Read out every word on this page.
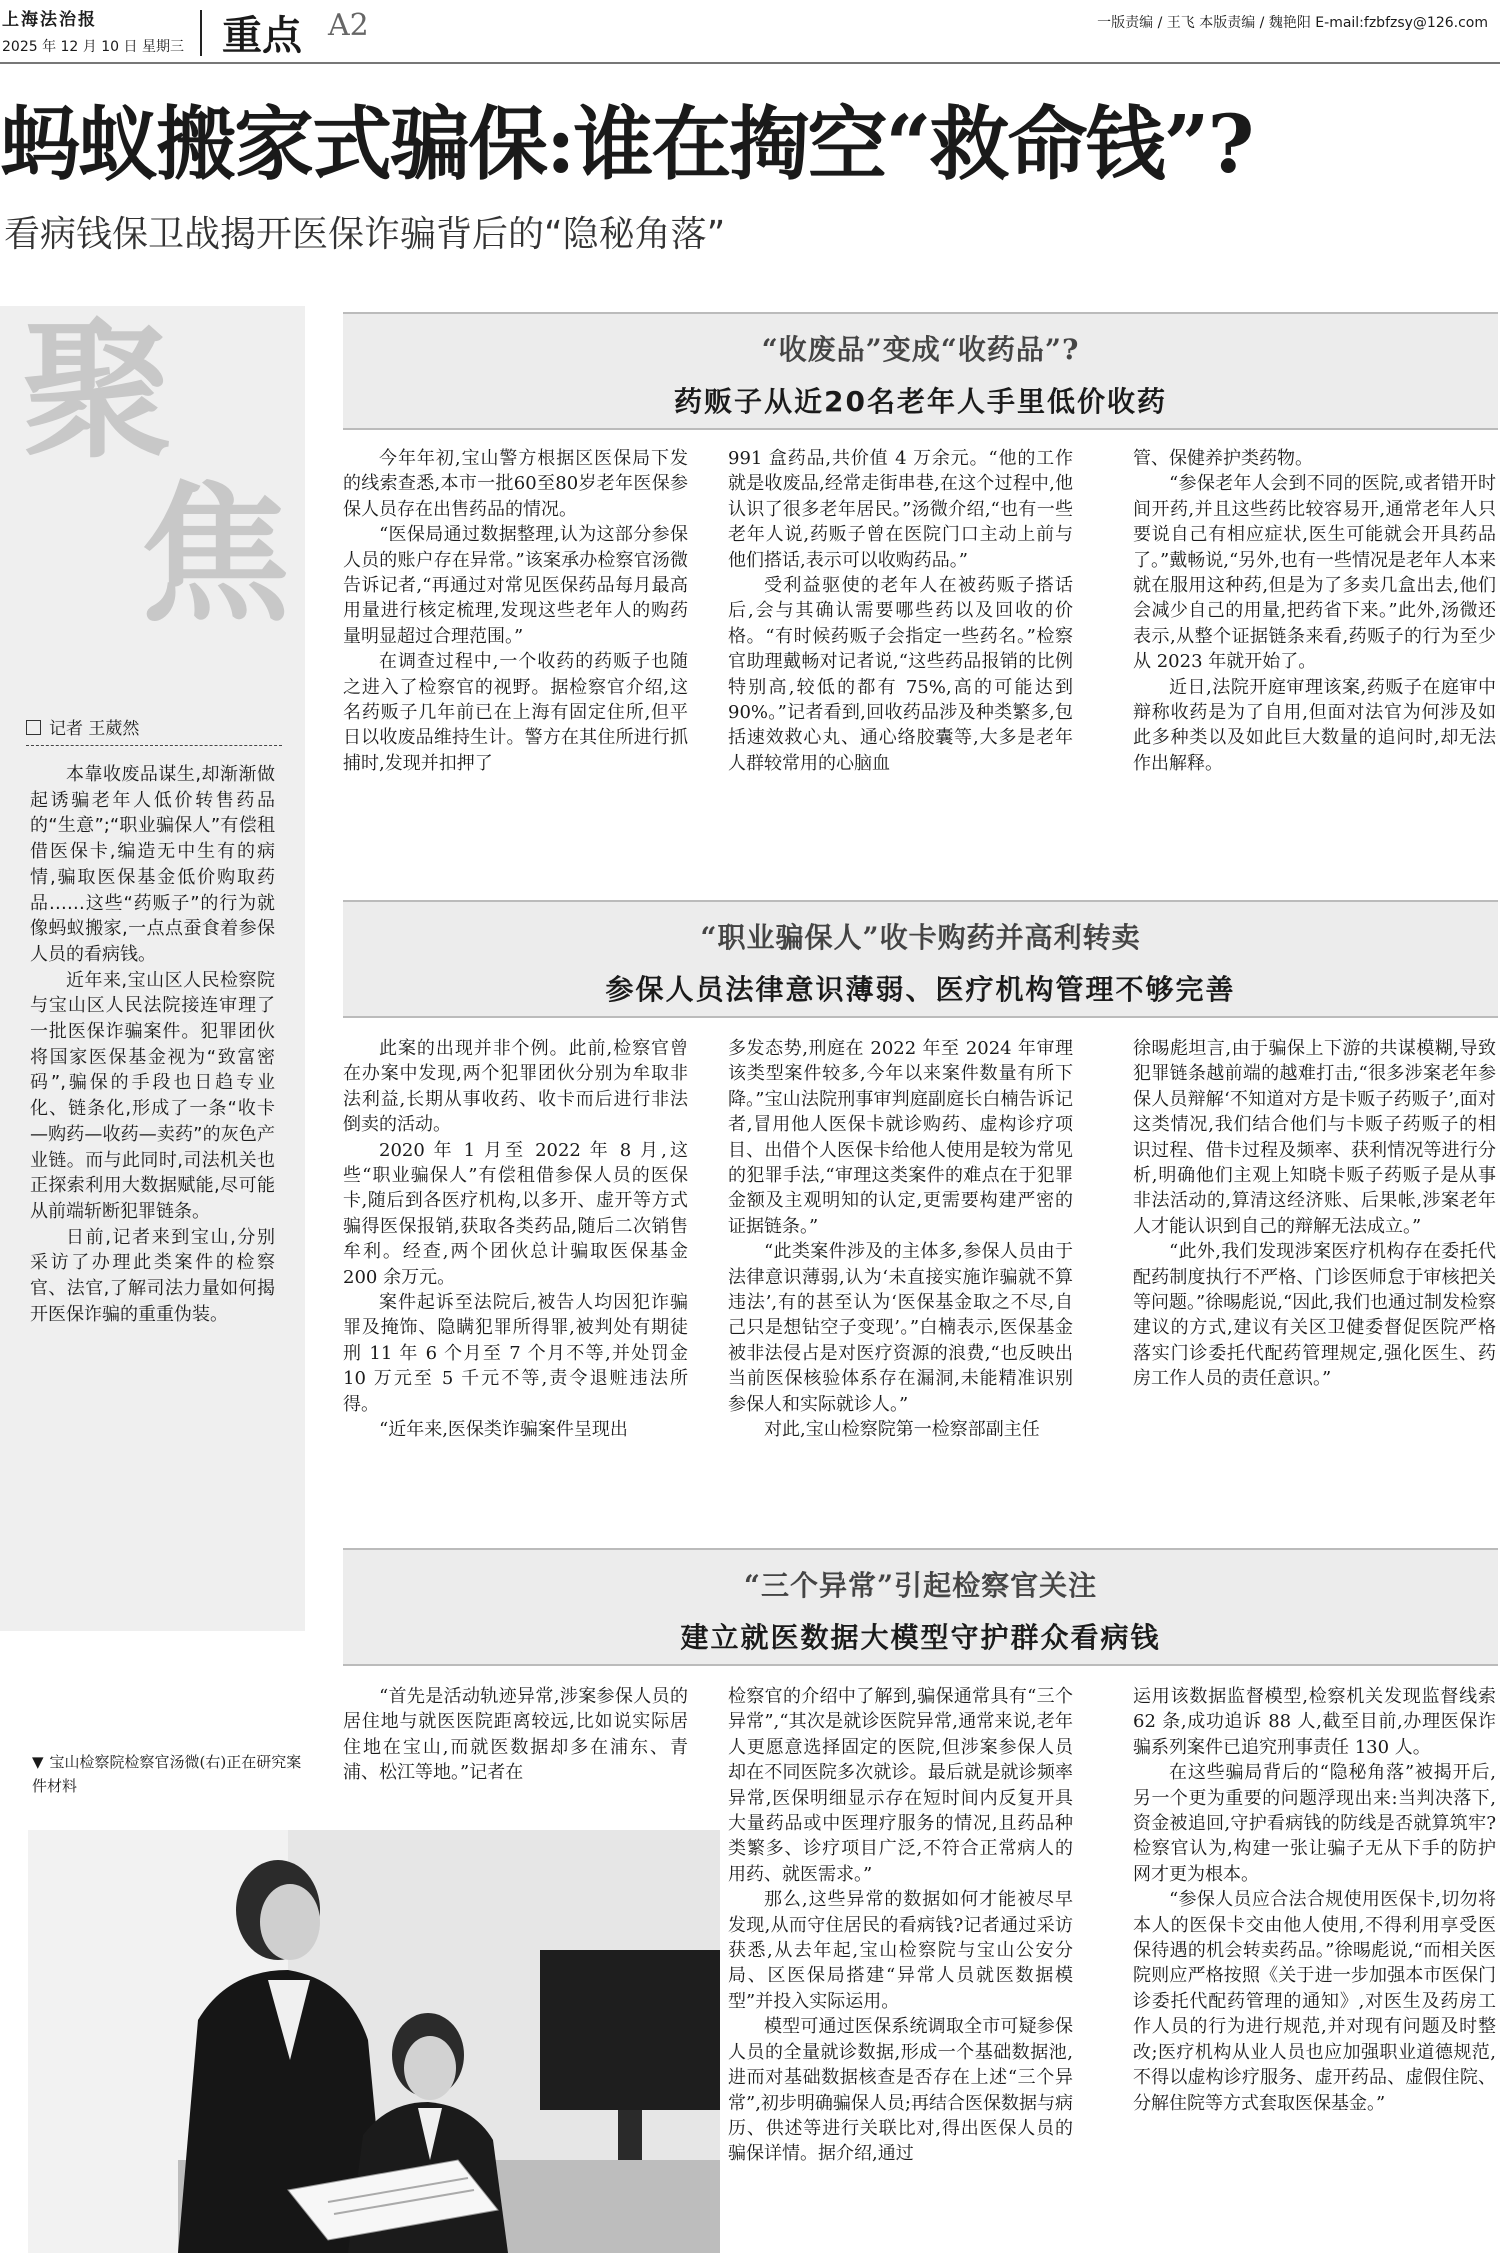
上海法治报
2025 年 12 月 10 日 星期三 重点 A2	一版责编 / 王飞 本版责编 / 魏艳阳 E-mail:fzbfzsy@126.com
蚂蚁搬家式骗保:谁在掏空“救命钱”?
看病钱保卫战揭开医保诈骗背后的“隐秘角落”
聚
焦
记者 王葳然

本靠收废品谋生,却渐渐做起诱骗老年人低价转售药品的“生意”;“职业骗保人”有偿租借医保卡,编造无中生有的病情,骗取医保基金低价购取药品……这些“药贩子”的行为就像蚂蚁搬家,一点点蚕食着参保人员的看病钱。

近年来,宝山区人民检察院与宝山区人民法院接连审理了一批医保诈骗案件。犯罪团伙将国家医保基金视为“致富密码”,骗保的手段也日趋专业化、链条化,形成了一条“收卡—购药—收药—卖药”的灰色产业链。而与此同时,司法机关也正探索利用大数据赋能,尽可能从前端斩断犯罪链条。

日前,记者来到宝山,分别采访了办理此类案件的检察官、法官,了解司法力量如何揭开医保诈骗的重重伪装。

“收废品”变成“收药品”?
药贩子从近20名老年人手里低价收药

今年年初,宝山警方根据区医保局下发的线索查悉,本市一批60至80岁老年医保参保人员存在出售药品的情况。

“医保局通过数据整理,认为这部分参保人员的账户存在异常。”该案承办检察官汤微告诉记者,“再通过对常见医保药品每月最高用量进行核定梳理,发现这些老年人的购药量明显超过合理范围。”

在调查过程中,一个收药的药贩子也随之进入了检察官的视野。据检察官介绍,这名药贩子几年前已在上海有固定住所,但平日以收废品维持生计。警方在其住所进行抓捕时,发现并扣押了

991 盒药品,共价值 4 万余元。“他的工作就是收废品,经常走街串巷,在这个过程中,他认识了很多老年居民。”汤微介绍,“也有一些老年人说,药贩子曾在医院门口主动上前与他们搭话,表示可以收购药品。”

受利益驱使的老年人在被药贩子搭话后,会与其确认需要哪些药以及回收的价格。“有时候药贩子会指定一些药名。”检察官助理戴畅对记者说,“这些药品报销的比例特别高,较低的都有 75%,高的可能达到 90%。”记者看到,回收药品涉及种类繁多,包括速效救心丸、通心络胶囊等,大多是老年人群较常用的心脑血

管、保健养护类药物。

“参保老年人会到不同的医院,或者错开时间开药,并且这些药比较容易开,通常老年人只要说自己有相应症状,医生可能就会开具药品了。”戴畅说,“另外,也有一些情况是老年人本来就在服用这种药,但是为了多卖几盒出去,他们会减少自己的用量,把药省下来。”此外,汤微还表示,从整个证据链条来看,药贩子的行为至少从 2023 年就开始了。

近日,法院开庭审理该案,药贩子在庭审中辩称收药是为了自用,但面对法官为何涉及如此多种类以及如此巨大数量的追问时,却无法作出解释。

“职业骗保人”收卡购药并高利转卖
参保人员法律意识薄弱、医疗机构管理不够完善

此案的出现并非个例。此前,检察官曾在办案中发现,两个犯罪团伙分别为牟取非法利益,长期从事收药、收卡而后进行非法倒卖的活动。

2020 年 1 月至 2022 年 8 月,这些“职业骗保人”有偿租借参保人员的医保卡,随后到各医疗机构,以多开、虚开等方式骗得医保报销,获取各类药品,随后二次销售牟利。经查,两个团伙总计骗取医保基金 200 余万元。

案件起诉至法院后,被告人均因犯诈骗罪及掩饰、隐瞒犯罪所得罪,被判处有期徒刑 11 年 6 个月至 7 个月不等,并处罚金 10 万元至 5 千元不等,责令退赃违法所得。

“近年来,医保类诈骗案件呈现出

多发态势,刑庭在 2022 年至 2024 年审理该类型案件较多,今年以来案件数量有所下降。”宝山法院刑事审判庭副庭长白楠告诉记者,冒用他人医保卡就诊购药、虚构诊疗项目、出借个人医保卡给他人使用是较为常见的犯罪手法,“审理这类案件的难点在于犯罪金额及主观明知的认定,更需要构建严密的证据链条。”

“此类案件涉及的主体多,参保人员由于法律意识薄弱,认为‘未直接实施诈骗就不算违法’,有的甚至认为‘医保基金取之不尽,自己只是想钻空子变现’。”白楠表示,医保基金被非法侵占是对医疗资源的浪费,“也反映出当前医保核验体系存在漏洞,未能精准识别参保人和实际就诊人。”

对此,宝山检察院第一检察部副主任

徐晹彪坦言,由于骗保上下游的共谋模糊,导致犯罪链条越前端的越难打击,“很多涉案老年参保人员辩解‘不知道对方是卡贩子药贩子’,面对这类情况,我们结合他们与卡贩子药贩子的相识过程、借卡过程及频率、获利情况等进行分析,明确他们主观上知晓卡贩子药贩子是从事非法活动的,算清这经济账、后果帐,涉案老年人才能认识到自己的辩解无法成立。”

“此外,我们发现涉案医疗机构存在委托代配药制度执行不严格、门诊医师怠于审核把关等问题。”徐晹彪说,“因此,我们也通过制发检察建议的方式,建议有关区卫健委督促医院严格落实门诊委托代配药管理规定,强化医生、药房工作人员的责任意识。”

“三个异常”引起检察官关注
建立就医数据大模型守护群众看病钱

“首先是活动轨迹异常,涉案参保人员的居住地与就医医院距离较远,比如说实际居住地在宝山,而就医数据却多在浦东、青浦、松江等地。”记者在

检察官的介绍中了解到,骗保通常具有“三个异常”,“其次是就诊医院异常,通常来说,老年人更愿意选择固定的医院,但涉案参保人员却在不同医院多次就诊。最后就是就诊频率异常,医保明细显示存在短时间内反复开具大量药品或中医理疗服务的情况,且药品种类繁多、诊疗项目广泛,不符合正常病人的用药、就医需求。”

那么,这些异常的数据如何才能被尽早发现,从而守住居民的看病钱?记者通过采访获悉,从去年起,宝山检察院与宝山公安分局、区医保局搭建“异常人员就医数据模型”并投入实际运用。

模型可通过医保系统调取全市可疑参保人员的全量就诊数据,形成一个基础数据池,进而对基础数据核查是否存在上述“三个异常”,初步明确骗保人员;再结合医保数据与病历、供述等进行关联比对,得出医保人员的骗保详情。据介绍,通过

运用该数据监督模型,检察机关发现监督线索 62 条,成功追诉 88 人,截至目前,办理医保诈骗系列案件已追究刑事责任 130 人。

在这些骗局背后的“隐秘角落”被揭开后,另一个更为重要的问题浮现出来:当判决落下,资金被追回,守护看病钱的防线是否就算筑牢?检察官认为,构建一张让骗子无从下手的防护网才更为根本。

“参保人员应合法合规使用医保卡,切勿将本人的医保卡交由他人使用,不得利用享受医保待遇的机会转卖药品。”徐晹彪说,“而相关医院则应严格按照《关于进一步加强本市医保门诊委托代配药管理的通知》,对医生及药房工作人员的行为进行规范,并对现有问题及时整改;医疗机构从业人员也应加强职业道德规范,不得以虚构诊疗服务、虚开药品、虚假住院、分解住院等方式套取医保基金。”

▼ 宝山检察院检察官汤微(右)正在研究案件材料
